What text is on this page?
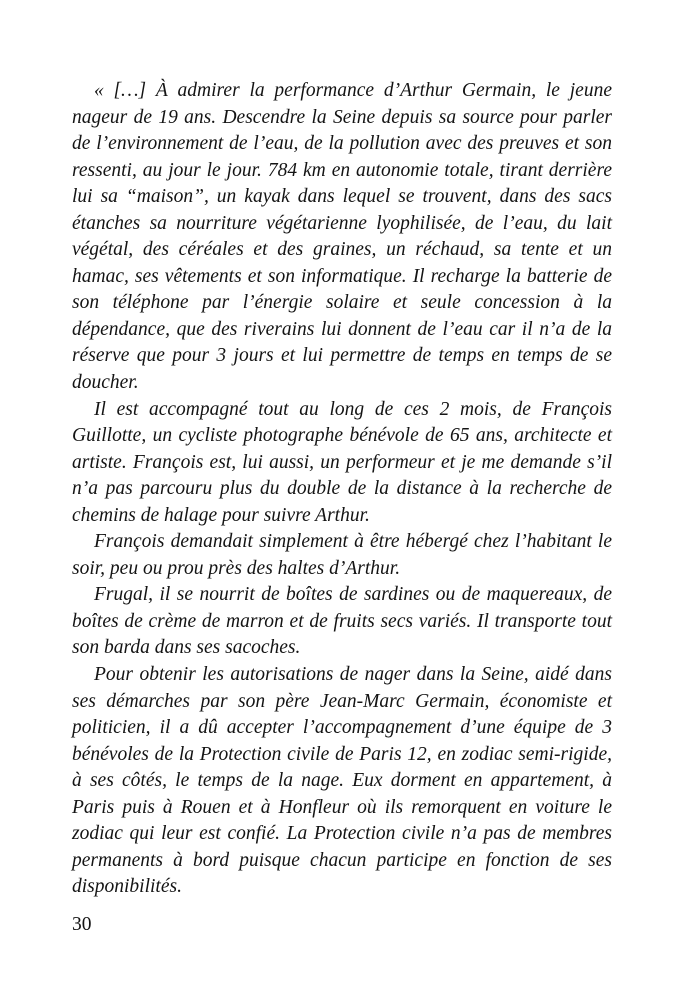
« […] À admirer la performance d’Arthur Germain, le jeune nageur de 19 ans. Descendre la Seine depuis sa source pour parler de l’environnement de l’eau, de la pollution avec des preuves et son ressenti, au jour le jour. 784 km en autonomie totale, tirant derrière lui sa “maison”, un kayak dans lequel se trouvent, dans des sacs étanches sa nourriture végétarienne lyophilisée, de l’eau, du lait végétal, des céréales et des graines, un réchaud, sa tente et un hamac, ses vêtements et son informatique. Il recharge la batterie de son téléphone par l’énergie solaire et seule concession à la dépendance, que des riverains lui donnent de l’eau car il n’a de la réserve que pour 3 jours et lui permettre de temps en temps de se doucher.

Il est accompagné tout au long de ces 2 mois, de François Guillotte, un cycliste photographe bénévole de 65 ans, architecte et artiste. François est, lui aussi, un performeur et je me demande s’il n’a pas parcouru plus du double de la distance à la recherche de chemins de halage pour suivre Arthur.

François demandait simplement à être hébergé chez l’habitant le soir, peu ou prou près des haltes d’Arthur.

Frugal, il se nourrit de boîtes de sardines ou de maquereaux, de boîtes de crème de marron et de fruits secs variés. Il transporte tout son barda dans ses sacoches.

Pour obtenir les autorisations de nager dans la Seine, aidé dans ses démarches par son père Jean-Marc Germain, économiste et politicien, il a dû accepter l’accompagnement d’une équipe de 3 bénévoles de la Protection civile de Paris 12, en zodiac semi-rigide, à ses côtés, le temps de la nage. Eux dorment en appartement, à Paris puis à Rouen et à Honfleur où ils remorquent en voiture le zodiac qui leur est confié. La Protection civile n’a pas de membres permanents à bord puisque chacun participe en fonction de ses disponibilités.

30
